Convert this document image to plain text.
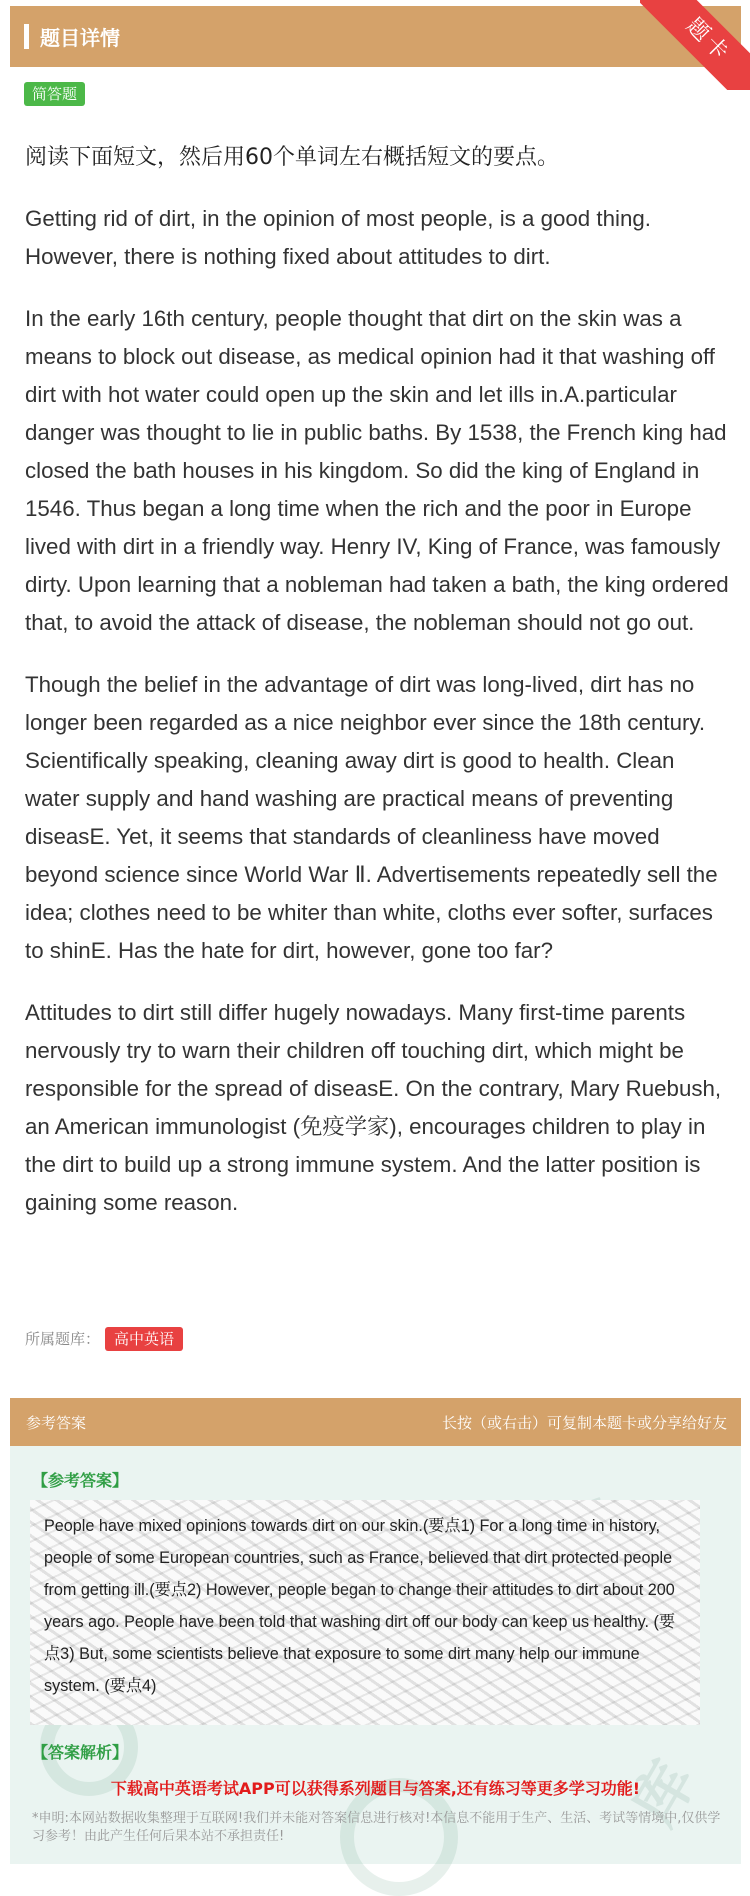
题目详情	题卡
简答题
阅读下面短文，然后用60个单词左右概括短文的要点。

Getting rid of dirt, in the opinion of most people, is a good thing. However, there is nothing fixed about attitudes to dirt.

In the early 16th century, people thought that dirt on the skin was a means to block out disease, as medical opinion had it that washing off dirt with hot water could open up the skin and let ills in.A.particular danger was thought to lie in public baths. By 1538, the French king had closed the bath houses in his kingdom. So did the king of England in 1546. Thus began a long time when the rich and the poor in Europe lived with dirt in a friendly way. Henry IV, King of France, was famously dirty. Upon learning that a nobleman had taken a bath, the king ordered that, to avoid the attack of disease, the nobleman should not go out.

Though the belief in the advantage of dirt was long-lived, dirt has no longer been regarded as a nice neighbor ever since the 18th century. Scientifically speaking, cleaning away dirt is good to health. Clean water supply and hand washing are practical means of preventing diseasE. Yet, it seems that standards of cleanliness have moved beyond science since World War Ⅱ. Advertisements repeatedly sell the idea; clothes need to be whiter than white, cloths ever softer, surfaces to shinE. Has the hate for dirt, however, gone too far?

Attitudes to dirt still differ hugely nowadays. Many first-time parents nervously try to warn their children off touching dirt, which might be responsible for the spread of diseasE. On the contrary, Mary Ruebush, an American immunologist (免疫学家), encourages children to play in the dirt to build up a strong immune system. And the latter position is gaining some reason.

所属题库： 高中英语
库
参考答案	长按（或右击）可复制本题卡或分享给好友
【参考答案】
People have mixed opinions towards dirt on our skin.(要点1) For a long time in history, people of some European countries, such as France, believed that dirt protected people from getting ill.(要点2) However, people began to change their attitudes to dirt about 200 years ago. People have been told that washing dirt off our body can keep us healthy. (要点3) But, some scientists believe that exposure to some dirt many help our immune system. (要点4)
【答案解析】
下载高中英语考试APP可以获得系列题目与答案,还有练习等更多学习功能!
*申明:本网站数据收集整理于互联网!我们并未能对答案信息进行核对!本信息不能用于生产、生活、考试等情境中,仅供学习参考！由此产生任何后果本站不承担责任!
